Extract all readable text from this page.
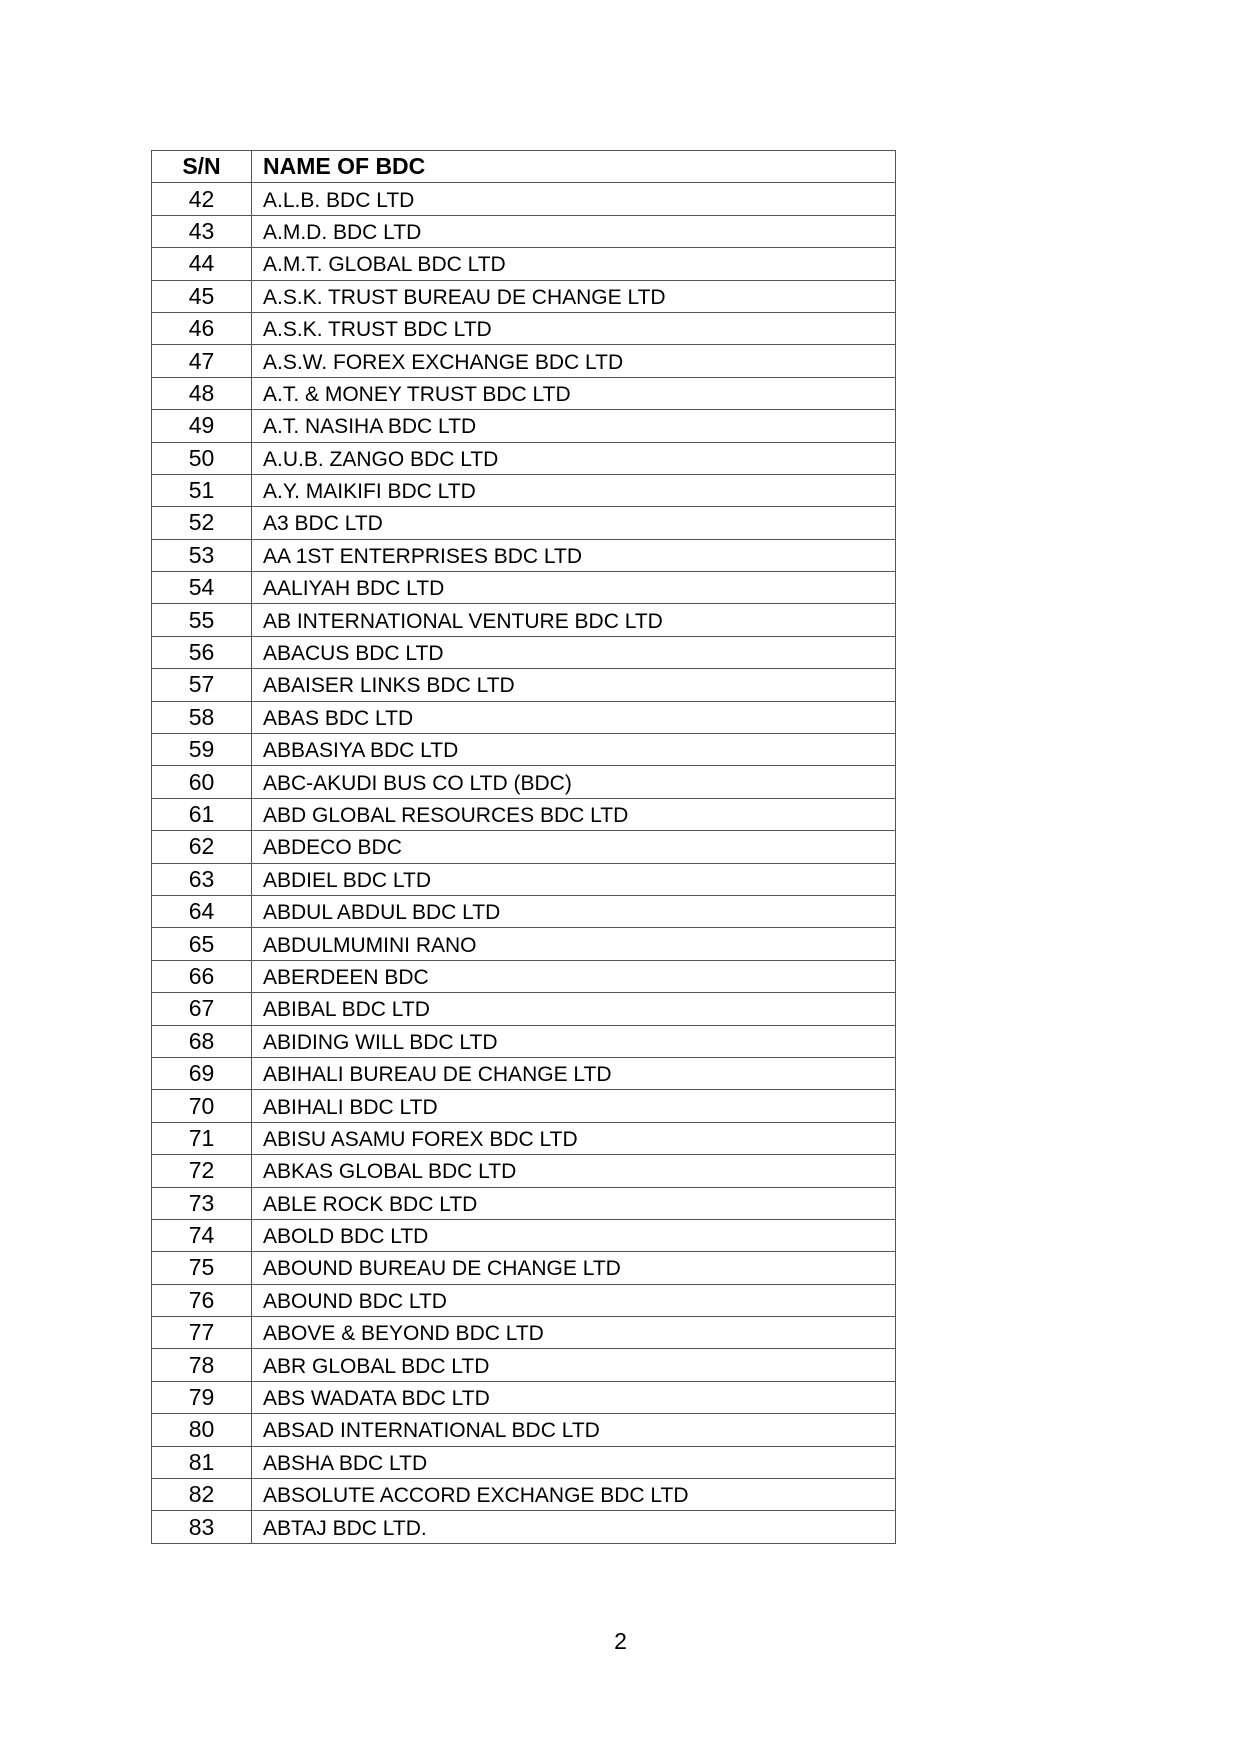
S/N	NAME OF BDC
42	A.L.B. BDC LTD
43	A.M.D. BDC LTD
44	A.M.T. GLOBAL BDC LTD
45	A.S.K. TRUST BUREAU DE CHANGE LTD
46	A.S.K. TRUST BDC LTD
47	A.S.W. FOREX EXCHANGE BDC LTD
48	A.T. & MONEY TRUST BDC LTD
49	A.T. NASIHA BDC LTD
50	A.U.B. ZANGO BDC LTD
51	A.Y. MAIKIFI BDC LTD
52	A3 BDC LTD
53	AA 1ST ENTERPRISES BDC LTD
54	AALIYAH BDC LTD
55	AB INTERNATIONAL VENTURE BDC LTD
56	ABACUS BDC LTD
57	ABAISER LINKS BDC LTD
58	ABAS BDC LTD
59	ABBASIYA BDC LTD
60	ABC-AKUDI BUS CO LTD (BDC)
61	ABD GLOBAL RESOURCES BDC LTD
62	ABDECO BDC
63	ABDIEL BDC LTD
64	ABDUL ABDUL BDC LTD
65	ABDULMUMINI RANO
66	ABERDEEN BDC
67	ABIBAL BDC LTD
68	ABIDING WILL BDC LTD
69	ABIHALI BUREAU DE CHANGE LTD
70	ABIHALI BDC LTD
71	ABISU ASAMU FOREX BDC LTD
72	ABKAS GLOBAL BDC LTD
73	ABLE ROCK BDC LTD
74	ABOLD BDC LTD
75	ABOUND BUREAU DE CHANGE LTD
76	ABOUND BDC LTD
77	ABOVE & BEYOND BDC LTD
78	ABR GLOBAL BDC LTD
79	ABS WADATA BDC LTD
80	ABSAD INTERNATIONAL BDC LTD
81	ABSHA BDC LTD
82	ABSOLUTE ACCORD EXCHANGE BDC LTD
83	ABTAJ BDC LTD.
2
